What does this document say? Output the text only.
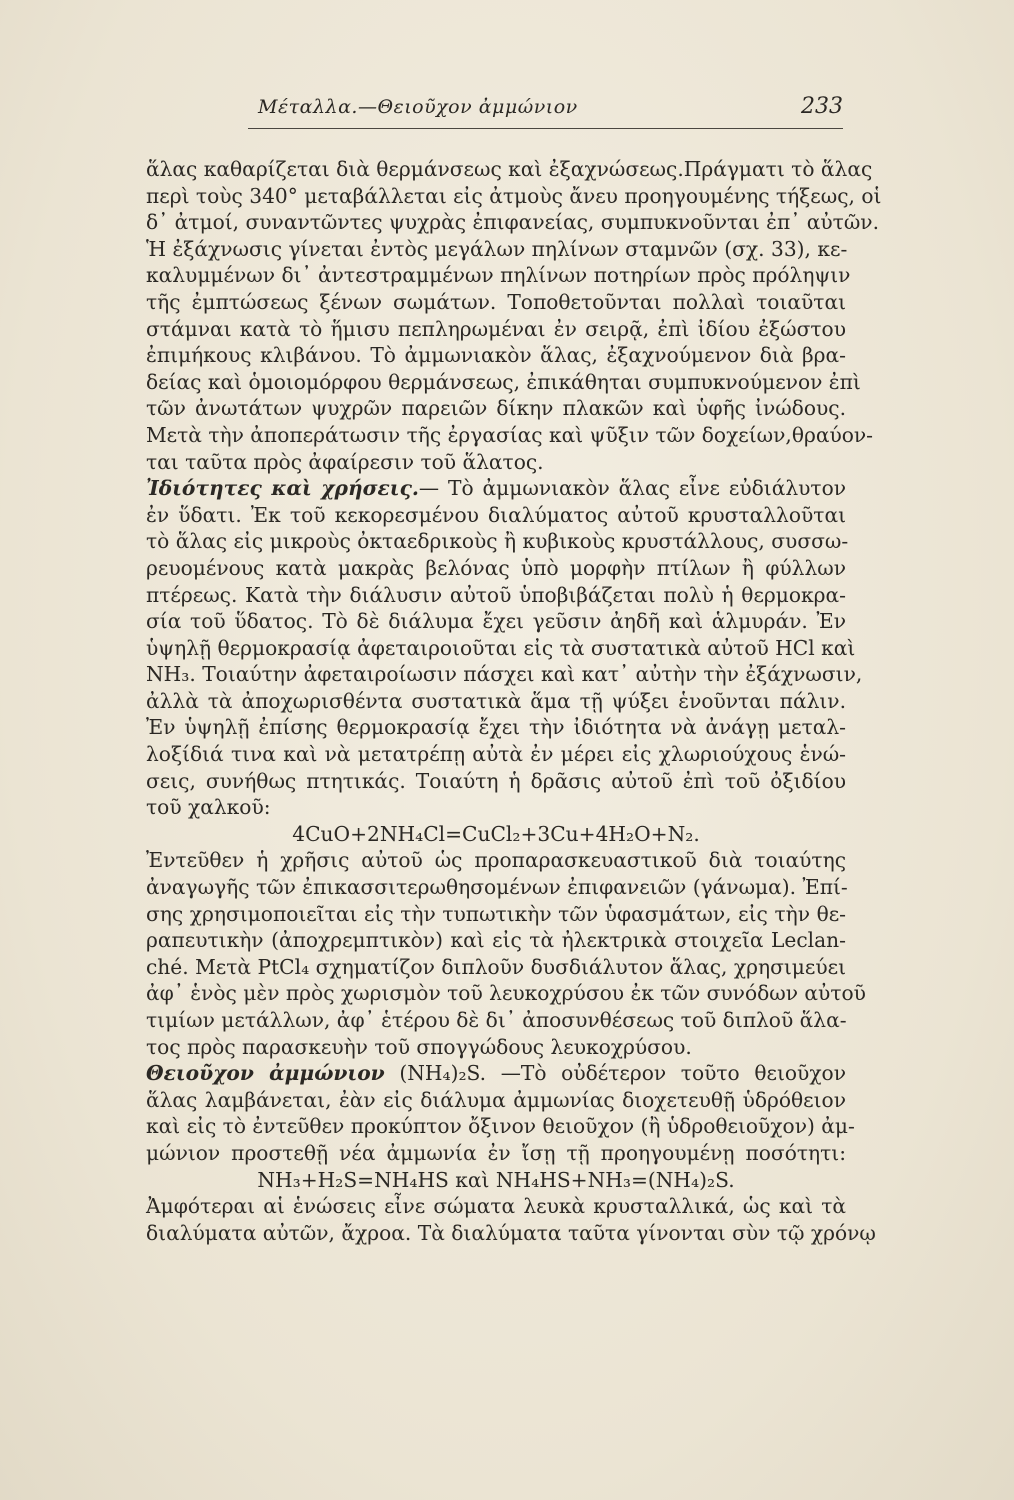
Μέταλλα.—Θειοῦχον ἀμμώνιον	233
ἅλας καθαρίζεται διὰ θερμάνσεως καὶ ἐξαχνώσεως.Πράγματι τὸ ἅλας
περὶ τοὺς 340° μεταβάλλεται εἰς ἀτμοὺς ἄνευ προηγουμένης τήξεως, οἱ
δ᾽ ἀτμοί, συναντῶντες ψυχρὰς ἐπιφανείας, συμπυκνοῦνται ἐπ᾽ αὐτῶν.
Ἡ ἐξάχνωσις γίνεται ἐντὸς μεγάλων πηλίνων σταμνῶν (σχ. 33), κε-
καλυμμένων δι᾽ ἀντεστραμμένων πηλίνων ποτηρίων πρὸς πρόληψιν
τῆς ἐμπτώσεως ξένων σωμάτων. Τοποθετοῦνται πολλαὶ τοιαῦται
στάμναι κατὰ τὸ ἥμισυ πεπληρωμέναι ἐν σειρᾷ, ἐπὶ ἰδίου ἐξώστου
ἐπιμήκους κλιβάνου. Τὸ ἀμμωνιακὸν ἅλας, ἐξαχνούμενον διὰ βρα-
δείας καὶ ὁμοιομόρφου θερμάνσεως, ἐπικάθηται συμπυκνούμενον ἐπὶ
τῶν ἀνωτάτων ψυχρῶν παρειῶν δίκην πλακῶν καὶ ὑφῆς ἰνώδους.
Μετὰ τὴν ἀποπεράτωσιν τῆς ἐργασίας καὶ ψῦξιν τῶν δοχείων,θραύον-
ται ταῦτα πρὸς ἀφαίρεσιν τοῦ ἅλατος.
Ἰδιότητες καὶ χρήσεις.— Τὸ ἀμμωνιακὸν ἅλας εἶνε εὐδιάλυτον
ἐν ὕδατι. Ἐκ τοῦ κεκορεσμένου διαλύματος αὐτοῦ κρυσταλλοῦται
τὸ ἅλας εἰς μικροὺς ὀκταεδρικοὺς ἢ κυβικοὺς κρυστάλλους, συσσω-
ρευομένους κατὰ μακρὰς βελόνας ὑπὸ μορφὴν πτίλων ἢ φύλλων
πτέρεως. Κατὰ τὴν διάλυσιν αὐτοῦ ὑποβιβάζεται πολὺ ἡ θερμοκρα-
σία τοῦ ὕδατος. Τὸ δὲ διάλυμα ἔχει γεῦσιν ἀηδῆ καὶ ἁλμυράν. Ἐν
ὑψηλῇ θερμοκρασίᾳ ἀφεταιροιοῦται εἰς τὰ συστατικὰ αὐτοῦ HCl καὶ
NH₃. Τοιαύτην ἀφεταιροίωσιν πάσχει καὶ κατ᾽ αὐτὴν τὴν ἐξάχνωσιν,
ἀλλὰ τὰ ἀποχωρισθέντα συστατικὰ ἅμα τῇ ψύξει ἑνοῦνται πάλιν.
Ἐν ὑψηλῇ ἐπίσης θερμοκρασίᾳ ἔχει τὴν ἰδιότητα νὰ ἀνάγῃ μεταλ-
λοξίδιά τινα καὶ νὰ μετατρέπῃ αὐτὰ ἐν μέρει εἰς χλωριούχους ἑνώ-
σεις, συνήθως πτητικάς. Τοιαύτη ἡ δρᾶσις αὐτοῦ ἐπὶ τοῦ ὀξιδίου
τοῦ χαλκοῦ:
4CuO+2NH₄Cl=CuCl₂+3Cu+4H₂O+N₂.
Ἐντεῦθεν ἡ χρῆσις αὐτοῦ ὡς προπαρασκευαστικοῦ διὰ τοιαύτης
ἀναγωγῆς τῶν ἐπικασσιτερωθησομένων ἐπιφανειῶν (γάνωμα). Ἐπί-
σης χρησιμοποιεῖται εἰς τὴν τυπωτικὴν τῶν ὑφασμάτων, εἰς τὴν θε-
ραπευτικὴν (ἀποχρεμπτικὸν) καὶ εἰς τὰ ἠλεκτρικὰ στοιχεῖα Leclan-
ché. Μετὰ PtCl₄ σχηματίζον διπλοῦν δυσδιάλυτον ἅλας, χρησιμεύει
ἀφ᾽ ἑνὸς μὲν πρὸς χωρισμὸν τοῦ λευκοχρύσου ἐκ τῶν συνόδων αὐτοῦ
τιμίων μετάλλων, ἀφ᾽ ἑτέρου δὲ δι᾽ ἀποσυνθέσεως τοῦ διπλοῦ ἅλα-
τος πρὸς παρασκευὴν τοῦ σπογγώδους λευκοχρύσου.
Θειοῦχον ἀμμώνιον (NH₄)₂S. —Τὸ οὐδέτερον τοῦτο θειοῦχον
ἅλας λαμβάνεται, ἐὰν εἰς διάλυμα ἀμμωνίας διοχετευθῇ ὑδρόθειον
καὶ εἰς τὸ ἐντεῦθεν προκύπτον ὄξινον θειοῦχον (ἢ ὑδροθειοῦχον) ἀμ-
μώνιον προστεθῇ νέα ἀμμωνία ἐν ἴσῃ τῇ προηγουμένῃ ποσότητι:
NH₃+H₂S=NH₄HS καὶ NH₄HS+NH₃=(NH₄)₂S.
Ἀμφότεραι αἱ ἑνώσεις εἶνε σώματα λευκὰ κρυσταλλικά, ὡς καὶ τὰ
διαλύματα αὐτῶν, ἄχροα. Τὰ διαλύματα ταῦτα γίνονται σὺν τῷ χρόνῳ
